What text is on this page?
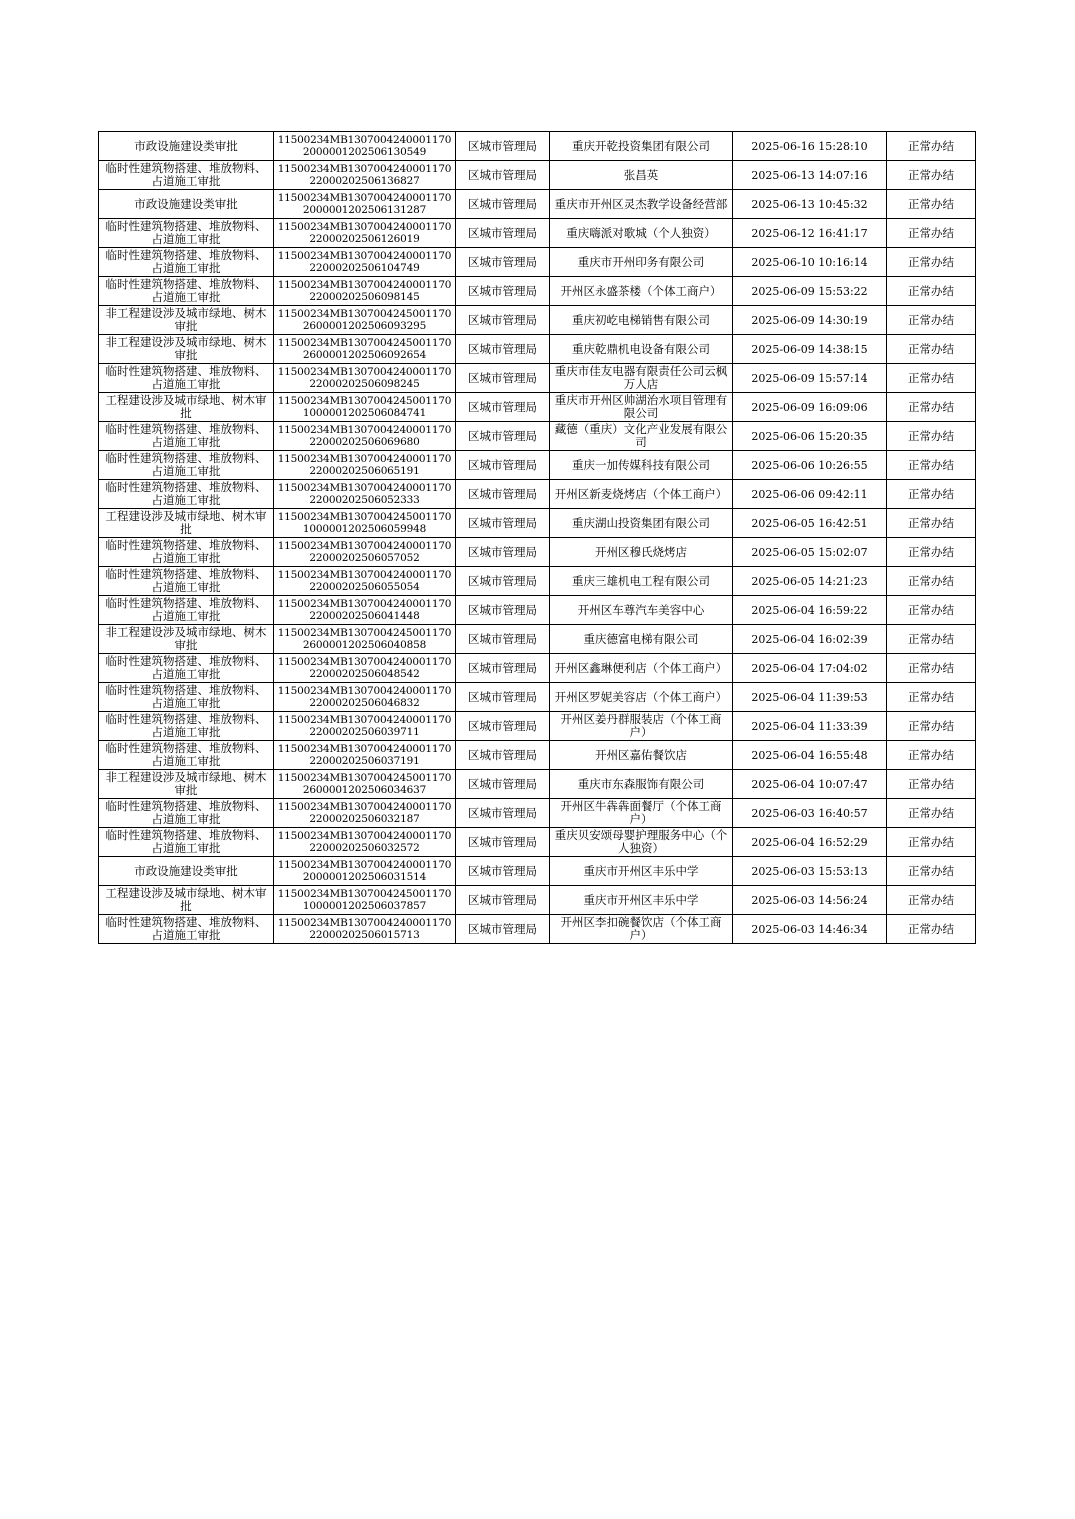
市政设施建设类审批	11500234MB13070042400011702000001202506130549	区城市管理局	重庆开乾投资集团有限公司	2025-06-16 15:28:10	正常办结

临时性建筑物搭建、堆放物料、占道施工审批	11500234MB130700424000117022000202506136827	区城市管理局	张昌英	2025-06-13 14:07:16	正常办结

市政设施建设类审批	11500234MB13070042400011702000001202506131287	区城市管理局	重庆市开州区灵杰教学设备经营部	2025-06-13 10:45:32	正常办结

临时性建筑物搭建、堆放物料、占道施工审批	11500234MB130700424000117022000202506126019	区城市管理局	重庆嗨派对歌城（个人独资）	2025-06-12 16:41:17	正常办结

临时性建筑物搭建、堆放物料、占道施工审批	11500234MB130700424000117022000202506104749	区城市管理局	重庆市开州印务有限公司	2025-06-10 10:16:14	正常办结

临时性建筑物搭建、堆放物料、占道施工审批	11500234MB130700424000117022000202506098145	区城市管理局	开州区永盛茶楼（个体工商户）	2025-06-09 15:53:22	正常办结

非工程建设涉及城市绿地、树木审批	11500234MB13070042450011702600001202506093295	区城市管理局	重庆初屹电梯销售有限公司	2025-06-09 14:30:19	正常办结

非工程建设涉及城市绿地、树木审批	11500234MB13070042450011702600001202506092654	区城市管理局	重庆乾鼎机电设备有限公司	2025-06-09 14:38:15	正常办结

临时性建筑物搭建、堆放物料、占道施工审批	11500234MB130700424000117022000202506098245	区城市管理局	重庆市佳友电器有限责任公司云枫万人店	2025-06-09 15:57:14	正常办结

工程建设涉及城市绿地、树木审批	11500234MB13070042450011701000001202506084741	区城市管理局	重庆市开州区帅湖治水项目管理有限公司	2025-06-09 16:09:06	正常办结

临时性建筑物搭建、堆放物料、占道施工审批	11500234MB130700424000117022000202506069680	区城市管理局	藏德（重庆）文化产业发展有限公司	2025-06-06 15:20:35	正常办结

临时性建筑物搭建、堆放物料、占道施工审批	11500234MB130700424000117022000202506065191	区城市管理局	重庆一加传媒科技有限公司	2025-06-06 10:26:55	正常办结

临时性建筑物搭建、堆放物料、占道施工审批	11500234MB130700424000117022000202506052333	区城市管理局	开州区新麦烧烤店（个体工商户）	2025-06-06 09:42:11	正常办结

工程建设涉及城市绿地、树木审批	11500234MB13070042450011701000001202506059948	区城市管理局	重庆湖山投资集团有限公司	2025-06-05 16:42:51	正常办结

临时性建筑物搭建、堆放物料、占道施工审批	11500234MB130700424000117022000202506057052	区城市管理局	开州区穆氏烧烤店	2025-06-05 15:02:07	正常办结

临时性建筑物搭建、堆放物料、占道施工审批	11500234MB130700424000117022000202506055054	区城市管理局	重庆三雄机电工程有限公司	2025-06-05 14:21:23	正常办结

临时性建筑物搭建、堆放物料、占道施工审批	11500234MB130700424000117022000202506041448	区城市管理局	开州区车尊汽车美容中心	2025-06-04 16:59:22	正常办结

非工程建设涉及城市绿地、树木审批	11500234MB13070042450011702600001202506040858	区城市管理局	重庆德富电梯有限公司	2025-06-04 16:02:39	正常办结

临时性建筑物搭建、堆放物料、占道施工审批	11500234MB130700424000117022000202506048542	区城市管理局	开州区鑫琳便利店（个体工商户）	2025-06-04 17:04:02	正常办结

临时性建筑物搭建、堆放物料、占道施工审批	11500234MB130700424000117022000202506046832	区城市管理局	开州区罗妮美容店（个体工商户）	2025-06-04 11:39:53	正常办结

临时性建筑物搭建、堆放物料、占道施工审批	11500234MB130700424000117022000202506039711	区城市管理局	开州区姜丹群服装店（个体工商户）	2025-06-04 11:33:39	正常办结

临时性建筑物搭建、堆放物料、占道施工审批	11500234MB130700424000117022000202506037191	区城市管理局	开州区嘉佑餐饮店	2025-06-04 16:55:48	正常办结

非工程建设涉及城市绿地、树木审批	11500234MB13070042450011702600001202506034637	区城市管理局	重庆市东森服饰有限公司	2025-06-04 10:07:47	正常办结

临时性建筑物搭建、堆放物料、占道施工审批	11500234MB130700424000117022000202506032187	区城市管理局	开州区牛犇犇面餐厅（个体工商户）	2025-06-03 16:40:57	正常办结

临时性建筑物搭建、堆放物料、占道施工审批	11500234MB130700424000117022000202506032572	区城市管理局	重庆贝安颂母婴护理服务中心（个人独资）	2025-06-04 16:52:29	正常办结

市政设施建设类审批	11500234MB13070042400011702000001202506031514	区城市管理局	重庆市开州区丰乐中学	2025-06-03 15:53:13	正常办结

工程建设涉及城市绿地、树木审批	11500234MB13070042450011701000001202506037857	区城市管理局	重庆市开州区丰乐中学	2025-06-03 14:56:24	正常办结

临时性建筑物搭建、堆放物料、占道施工审批	11500234MB130700424000117022000202506015713	区城市管理局	开州区李扣碗餐饮店（个体工商户）	2025-06-03 14:46:34	正常办结
